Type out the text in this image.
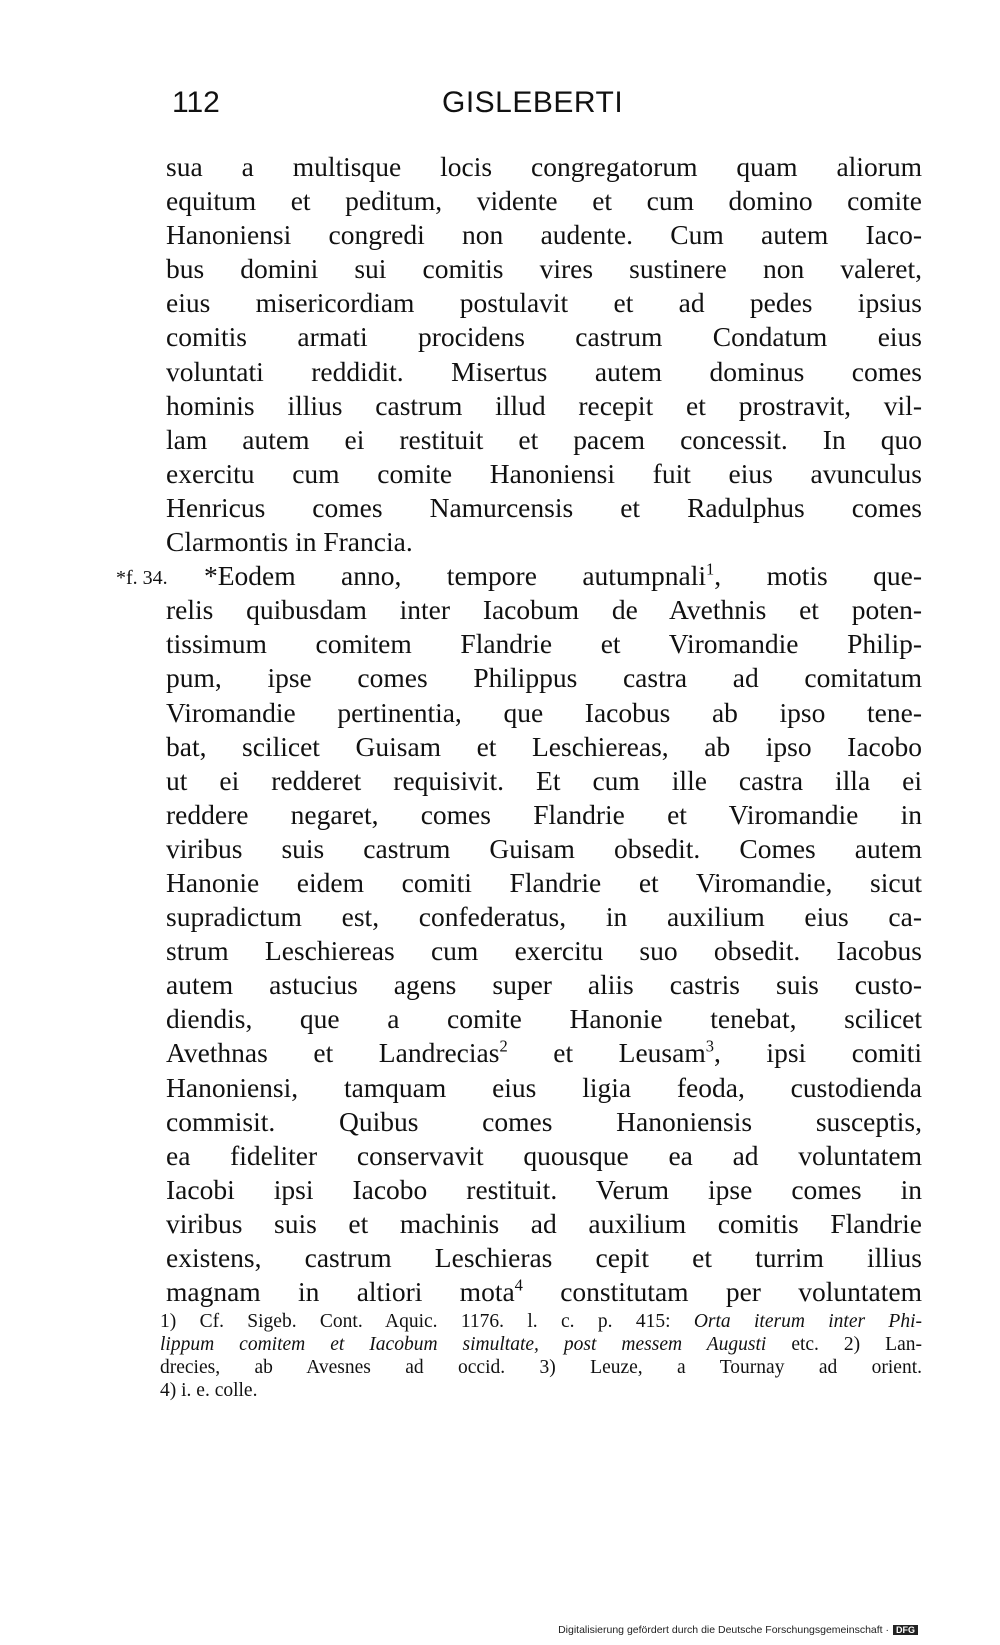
112	GISLEBERTI
*f. 34.
sua a multisque locis congregatorum quam aliorum
equitum et peditum, vidente et cum domino comite
Hanoniensi congredi non audente. Cum autem Iaco-
bus domini sui comitis vires sustinere non valeret,
eius misericordiam postulavit et ad pedes ipsius
comitis armati procidens castrum Condatum eius
voluntati reddidit. Misertus autem dominus comes
hominis illius castrum illud recepit et prostravit, vil-
lam autem ei restituit et pacem concessit. In quo
exercitu cum comite Hanoniensi fuit eius avunculus
Henricus comes Namurcensis et Radulphus comes
Clarmontis in Francia.
*Eodem anno, tempore autumpnali$^1$, motis que-
relis quibusdam inter Iacobum de Avethnis et poten-
tissimum comitem Flandrie et Viromandie Philip-
pum, ipse comes Philippus castra ad comitatum
Viromandie pertinentia, que Iacobus ab ipso tene-
bat, scilicet Guisam et Leschiereas, ab ipso Iacobo
ut ei redderet requisivit. Et cum ille castra illa ei
reddere negaret, comes Flandrie et Viromandie in
viribus suis castrum Guisam obsedit. Comes autem
Hanonie eidem comiti Flandrie et Viromandie, sicut
supradictum est, confederatus, in auxilium eius ca-
strum Leschiereas cum exercitu suo obsedit. Iacobus
autem astucius agens super aliis castris suis custo-
diendis, que a comite Hanonie tenebat, scilicet
Avethnas et Landrecias$^2$ et Leusam$^3$, ipsi comiti
Hanoniensi, tamquam eius ligia feoda, custodienda
commisit. Quibus comes Hanoniensis susceptis,
ea fideliter conservavit quousque ea ad voluntatem
Iacobi ipsi Iacobo restituit. Verum ipse comes in
viribus suis et machinis ad auxilium comitis Flandrie
existens, castrum Leschieras cepit et turrim illius
magnam in altiori mota$^4$ constitutam per voluntatem
1) Cf. Sigeb. Cont. Aquic. 1176. l. c. p. 415: Orta iterum inter Phi-
lippum comitem et Iacobum simultate, post messem Augusti etc. 2) Lan-
drecies, ab Avesnes ad occid. 3) Leuze, a Tournay ad orient.
4) i. e. colle.
Digitalisierung gefördert durch die Deutsche Forschungsgemeinschaft · DFG
